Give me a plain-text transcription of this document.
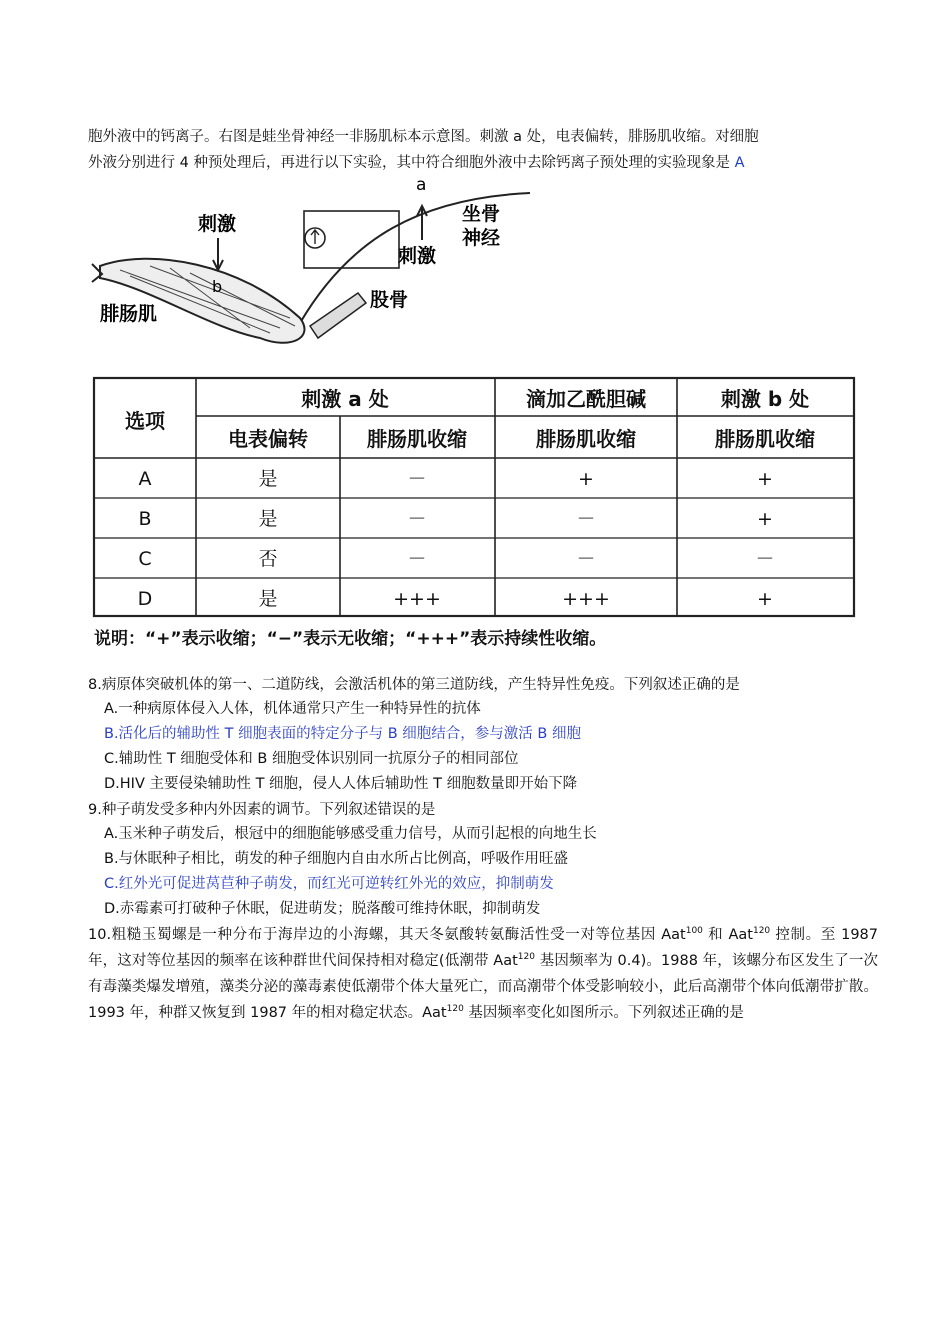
胞外液中的钙离子。右图是蛙坐骨神经一非肠肌标本示意图。刺激 a 处，电表偏转，腓肠肌收缩。对细胞
外液分别进行 4 种预处理后，再进行以下实验，其中符合细胞外液中去除钙离子预处理的实验现象是 A
a
刺激
坐骨
神经
股骨
刺激
b
腓肠肌
选项
刺激 a 处	滴加乙酰胆碱	刺激 b 处
电表偏转	腓肠肌收缩	腓肠肌收缩	腓肠肌收缩
A	是	－	+	+
B	是	－	－	+
C	否	－	－	－
D	是	+++	+++	+
说明：“+”表示收缩；“−”表示无收缩；“+++”表示持续性收缩。
8.病原体突破机体的第一、二道防线，会激活机体的第三道防线，产生特异性免疫。下列叙述正确的是
A.一种病原体侵入人体，机体通常只产生一种特异性的抗体
B.活化后的辅助性 T 细胞表面的特定分子与 B 细胞结合，参与激活 B 细胞
C.辅助性 T 细胞受体和 B 细胞受体识别同一抗原分子的相同部位
D.HIV 主要侵染辅助性 T 细胞，侵人人体后辅助性 T 细胞数量即开始下降
9.种子萌发受多种内外因素的调节。下列叙述错误的是
A.玉米种子萌发后，根冠中的细胞能够感受重力信号，从而引起根的向地生长
B.与休眠种子相比，萌发的种子细胞内自由水所占比例高，呼吸作用旺盛
C.红外光可促进莴苣种子萌发，而红光可逆转红外光的效应，抑制萌发
D.赤霉素可打破种子休眠，促进萌发；脱落酸可维持休眠，抑制萌发
10.粗糙玉蜀螺是一种分布于海岸边的小海螺，其天冬氨酸转氨酶活性受一对等位基因 Aat$^{100}$ 和 Aat$^{120}$ 控制。至 1987 年，这对等位基因的频率在该种群世代间保持相对稳定(低潮带 Aat$^{120}$ 基因频率为 0.4)。1988 年，该螺分布区发生了一次有毒藻类爆发增殖，藻类分泌的藻毒素使低潮带个体大量死亡，而高潮带个体受影响较小，此后高潮带个体向低潮带扩散。1993 年，种群又恢复到 1987 年的相对稳定状态。Aat$^{120}$ 基因频率变化如图所示。下列叙述正确的是
